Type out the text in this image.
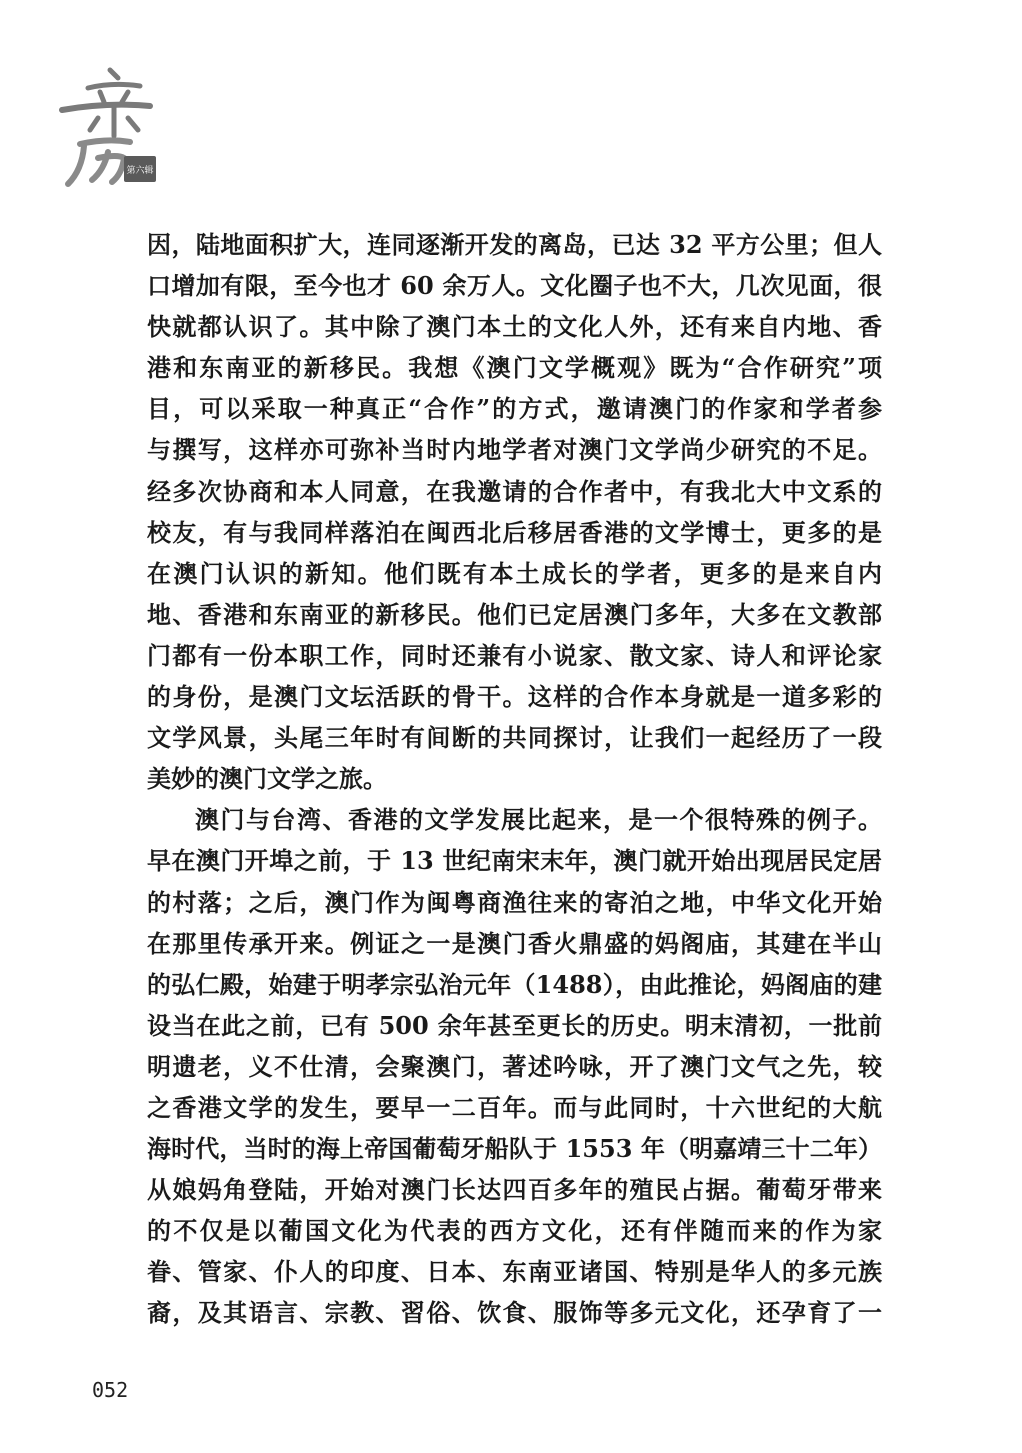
第六辑
因，陆地面积扩大，连同逐渐开发的离岛，已达 32 平方公里；但人
口增加有限，至今也才 60 余万人。文化圈子也不大，几次见面，很
快就都认识了。其中除了澳门本土的文化人外，还有来自内地、香
港和东南亚的新移民。我想《澳门文学概观》既为“合作研究”项
目，可以采取一种真正“合作”的方式，邀请澳门的作家和学者参
与撰写，这样亦可弥补当时内地学者对澳门文学尚少研究的不足。
经多次协商和本人同意，在我邀请的合作者中，有我北大中文系的
校友，有与我同样落泊在闽西北后移居香港的文学博士，更多的是
在澳门认识的新知。他们既有本土成长的学者，更多的是来自内
地、香港和东南亚的新移民。他们已定居澳门多年，大多在文教部
门都有一份本职工作，同时还兼有小说家、散文家、诗人和评论家
的身份，是澳门文坛活跃的骨干。这样的合作本身就是一道多彩的
文学风景，头尾三年时有间断的共同探讨，让我们一起经历了一段
美妙的澳门文学之旅。
澳门与台湾、香港的文学发展比起来，是一个很特殊的例子。
早在澳门开埠之前，于 13 世纪南宋末年，澳门就开始出现居民定居
的村落；之后，澳门作为闽粤商渔往来的寄泊之地，中华文化开始
在那里传承开来。例证之一是澳门香火鼎盛的妈阁庙，其建在半山
的弘仁殿，始建于明孝宗弘治元年（1488），由此推论，妈阁庙的建
设当在此之前，已有 500 余年甚至更长的历史。明末清初，一批前
明遗老，义不仕清，会聚澳门，著述吟咏，开了澳门文气之先，较
之香港文学的发生，要早一二百年。而与此同时，十六世纪的大航
海时代，当时的海上帝国葡萄牙船队于 1553 年（明嘉靖三十二年）
从娘妈角登陆，开始对澳门长达四百多年的殖民占据。葡萄牙带来
的不仅是以葡国文化为代表的西方文化，还有伴随而来的作为家
眷、管家、仆人的印度、日本、东南亚诸国、特别是华人的多元族
裔，及其语言、宗教、習俗、饮食、服饰等多元文化，还孕育了一
052
